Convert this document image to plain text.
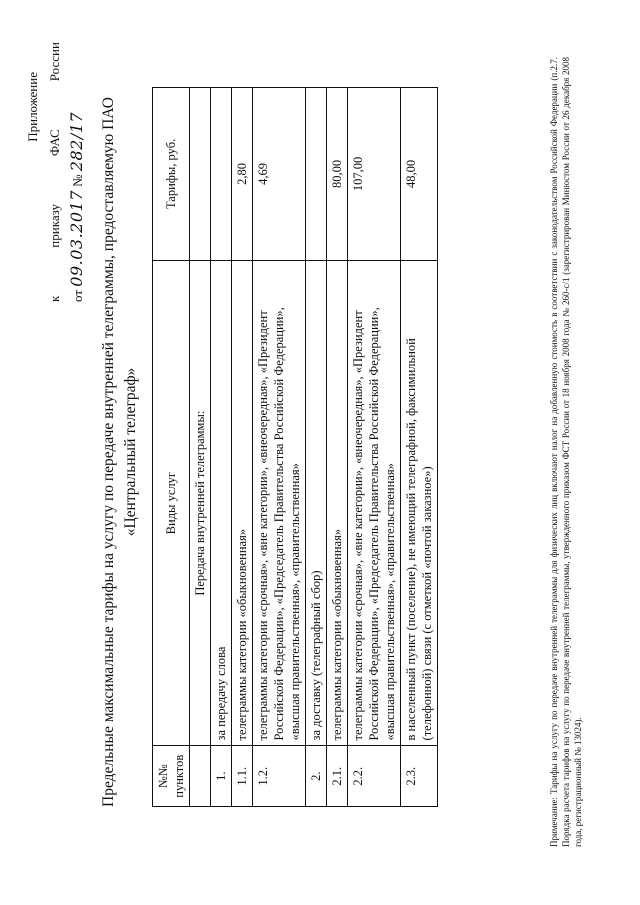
Приложение
к
приказу
ФАС
России
от 09.03.2017 № 282/17 Предельные максимальные тарифы на услугу по передаче внутренней телеграммы, предоставляемую ПАО «Центральный телеграф»
№№ пунктов	Виды услуг	Тарифы, руб.
	Передача внутренней телеграммы:	
1.	за передачу слова	
1.1.	телеграммы категории «обыкновенная»	2,80
1.2.	телеграммы категории «срочная», «вне категории», «внеочередная», «Президент Российской Федерации», «Председатель Правительства Российской Федерации», «высшая правительственная», «правительственная»	4,69
2.	за доставку (телеграфный сбор)	
2.1.	телеграммы категории «обыкновенная»	80,00
2.2.	телеграммы категории «срочная», «вне категории», «внеочередная», «Президент Российской Федерации», «Председатель Правительства Российской Федерации», «высшая правительственная», «правительственная»	107,00
2.3.	в населенный пункт (поселение), не имеющий телеграфной, факсимильной (телефонной) связи (с отметкой «почтой заказное»)	48,00	Примечание: Тарифы на услугу по передаче внутренней телеграммы для физических лиц включают налог на добавленную стоимость в соответствии с законодательством Российской Федерации (п.2.7. Порядка расчета тарифов на услугу по передаче внутренней телеграммы, утвержденного приказом ФСТ России от 18 ноября 2008 года № 260-с/1 (зарегистрирован Минюстом России от 26 декабря 2008 года, регистрационный № 13024).
